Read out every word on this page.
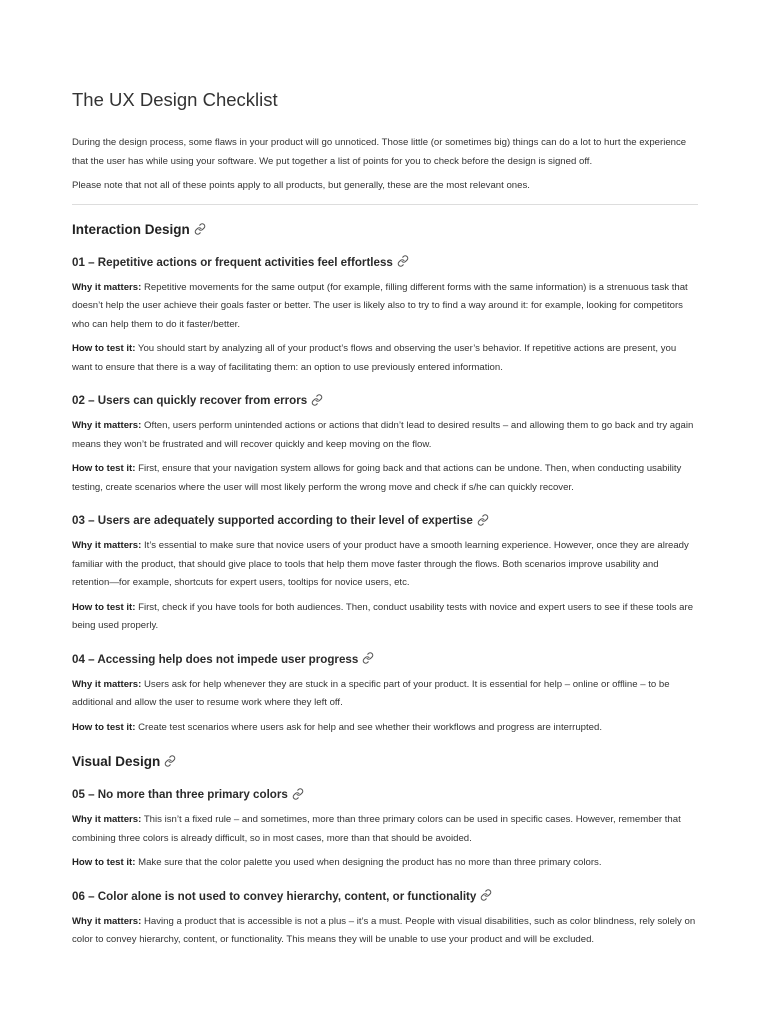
The UX Design Checklist

During the design process, some flaws in your product will go unnoticed. Those little (or sometimes big) things can do a lot to hurt the experience that the user has while using your software. We put together a list of points for you to check before the design is signed off.

Please note that not all of these points apply to all products, but generally, these are the most relevant ones.

Interaction Design
01 – Repetitive actions or frequent activities feel effortless

Why it matters: Repetitive movements for the same output (for example, filling different forms with the same information) is a strenuous task that doesn’t help the user achieve their goals faster or better. The user is likely also to try to find a way around it: for example, looking for competitors who can help them to do it faster/better.

How to test it: You should start by analyzing all of your product’s flows and observing the user’s behavior. If repetitive actions are present, you want to ensure that there is a way of facilitating them: an option to use previously entered information.

02 – Users can quickly recover from errors

Why it matters: Often, users perform unintended actions or actions that didn’t lead to desired results – and allowing them to go back and try again means they won’t be frustrated and will recover quickly and keep moving on the flow.

How to test it: First, ensure that your navigation system allows for going back and that actions can be undone. Then, when conducting usability testing, create scenarios where the user will most likely perform the wrong move and check if s/he can quickly recover.

03 – Users are adequately supported according to their level of expertise

Why it matters: It’s essential to make sure that novice users of your product have a smooth learning experience. However, once they are already familiar with the product, that should give place to tools that help them move faster through the flows. Both scenarios improve usability and retention—for example, shortcuts for expert users, tooltips for novice users, etc.

How to test it: First, check if you have tools for both audiences. Then, conduct usability tests with novice and expert users to see if these tools are being used properly.

04 – Accessing help does not impede user progress

Why it matters: Users ask for help whenever they are stuck in a specific part of your product. It is essential for help – online or offline – to be additional and allow the user to resume work where they left off.

How to test it: Create test scenarios where users ask for help and see whether their workflows and progress are interrupted.

Visual Design
05 – No more than three primary colors

Why it matters: This isn’t a fixed rule – and sometimes, more than three primary colors can be used in specific cases. However, remember that combining three colors is already difficult, so in most cases, more than that should be avoided.

How to test it: Make sure that the color palette you used when designing the product has no more than three primary colors.

06 – Color alone is not used to convey hierarchy, content, or functionality

Why it matters: Having a product that is accessible is not a plus – it’s a must. People with visual disabilities, such as color blindness, rely solely on color to convey hierarchy, content, or functionality. This means they will be unable to use your product and will be excluded.
